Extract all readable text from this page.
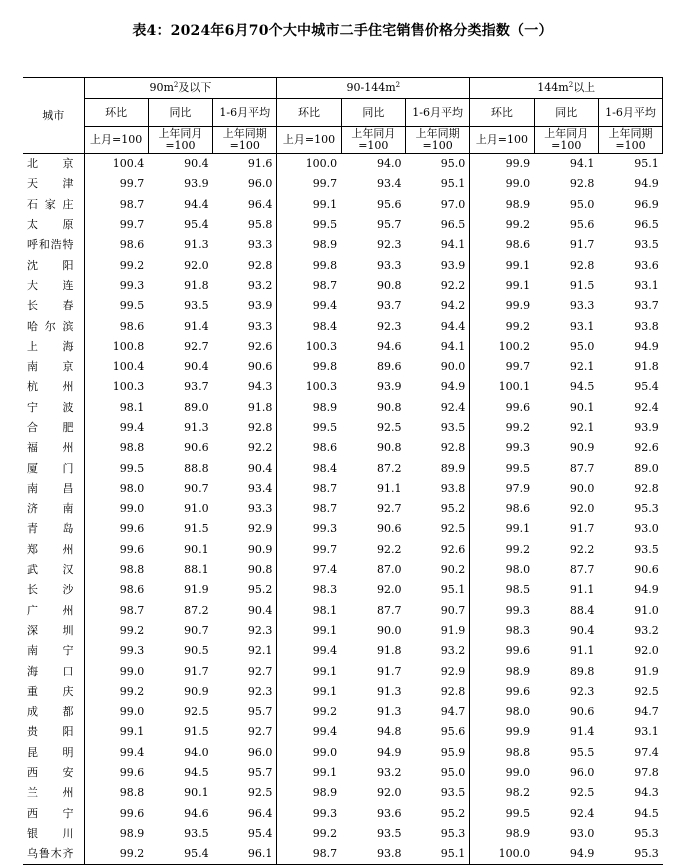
表4：2024年6月70个大中城市二手住宅销售价格分类指数（一）
城市	$90m^2$及以下			$90-144m^2$			$144m^2$以上		
	环比	同比	1-6月平均	环比	同比	1-6月平均	环比	同比	1-6月平均
	上月=100	上年同月=100	上年同期=100	上月=100	上年同月=100	上年同期=100	上月=100	上年同月=100	上年同期=100
北京	100.4	90.4	91.6	100.0	94.0	95.0	99.9	94.1	95.1
天津	99.7	93.9	96.0	99.7	93.4	95.1	99.0	92.8	94.9
石家庄	98.7	94.4	96.4	99.1	95.6	97.0	98.9	95.0	96.9
太原	99.7	95.4	95.8	99.5	95.7	96.5	99.2	95.6	96.5
呼和浩特	98.6	91.3	93.3	98.9	92.3	94.1	98.6	91.7	93.5
沈阳	99.2	92.0	92.8	99.8	93.3	93.9	99.1	92.8	93.6
大连	99.3	91.8	93.2	98.7	90.8	92.2	99.1	91.5	93.1
长春	99.5	93.5	93.9	99.4	93.7	94.2	99.9	93.3	93.7
哈尔滨	98.6	91.4	93.3	98.4	92.3	94.4	99.2	93.1	93.8
上海	100.8	92.7	92.6	100.3	94.6	94.1	100.2	95.0	94.9
南京	100.4	90.4	90.6	99.8	89.6	90.0	99.7	92.1	91.8
杭州	100.3	93.7	94.3	100.3	93.9	94.9	100.1	94.5	95.4
宁波	98.1	89.0	91.8	98.9	90.8	92.4	99.6	90.1	92.4
合肥	99.4	91.3	92.8	99.5	92.5	93.5	99.2	92.1	93.9
福州	98.8	90.6	92.2	98.6	90.8	92.8	99.3	90.9	92.6
厦门	99.5	88.8	90.4	98.4	87.2	89.9	99.5	87.7	89.0
南昌	98.0	90.7	93.4	98.7	91.1	93.8	97.9	90.0	92.8
济南	99.0	91.0	93.3	98.7	92.7	95.2	98.6	92.0	95.3
青岛	99.6	91.5	92.9	99.3	90.6	92.5	99.1	91.7	93.0
郑州	99.6	90.1	90.9	99.7	92.2	92.6	99.2	92.2	93.5
武汉	98.8	88.1	90.8	97.4	87.0	90.2	98.0	87.7	90.6
长沙	98.6	91.9	95.2	98.3	92.0	95.1	98.5	91.1	94.9
广州	98.7	87.2	90.4	98.1	87.7	90.7	99.3	88.4	91.0
深圳	99.2	90.7	92.3	99.1	90.0	91.9	98.3	90.4	93.2
南宁	99.3	90.5	92.1	99.4	91.8	93.2	99.6	91.1	92.0
海口	99.0	91.7	92.7	99.1	91.7	92.9	98.9	89.8	91.9
重庆	99.2	90.9	92.3	99.1	91.3	92.8	99.6	92.3	92.5
成都	99.0	92.5	95.7	99.2	91.3	94.7	98.0	90.6	94.7
贵阳	99.1	91.5	92.7	99.4	94.8	95.6	99.9	91.4	93.1
昆明	99.4	94.0	96.0	99.0	94.9	95.9	98.8	95.5	97.4
西安	99.6	94.5	95.7	99.1	93.2	95.0	99.0	96.0	97.8
兰州	98.8	90.1	92.5	98.9	92.0	93.5	98.2	92.5	94.3
西宁	99.6	94.6	96.4	99.3	93.6	95.2	99.5	92.4	94.5
银川	98.9	93.5	95.4	99.2	93.5	95.3	98.9	93.0	95.3
乌鲁木齐	99.2	95.4	96.1	98.7	93.8	95.1	100.0	94.9	95.3
